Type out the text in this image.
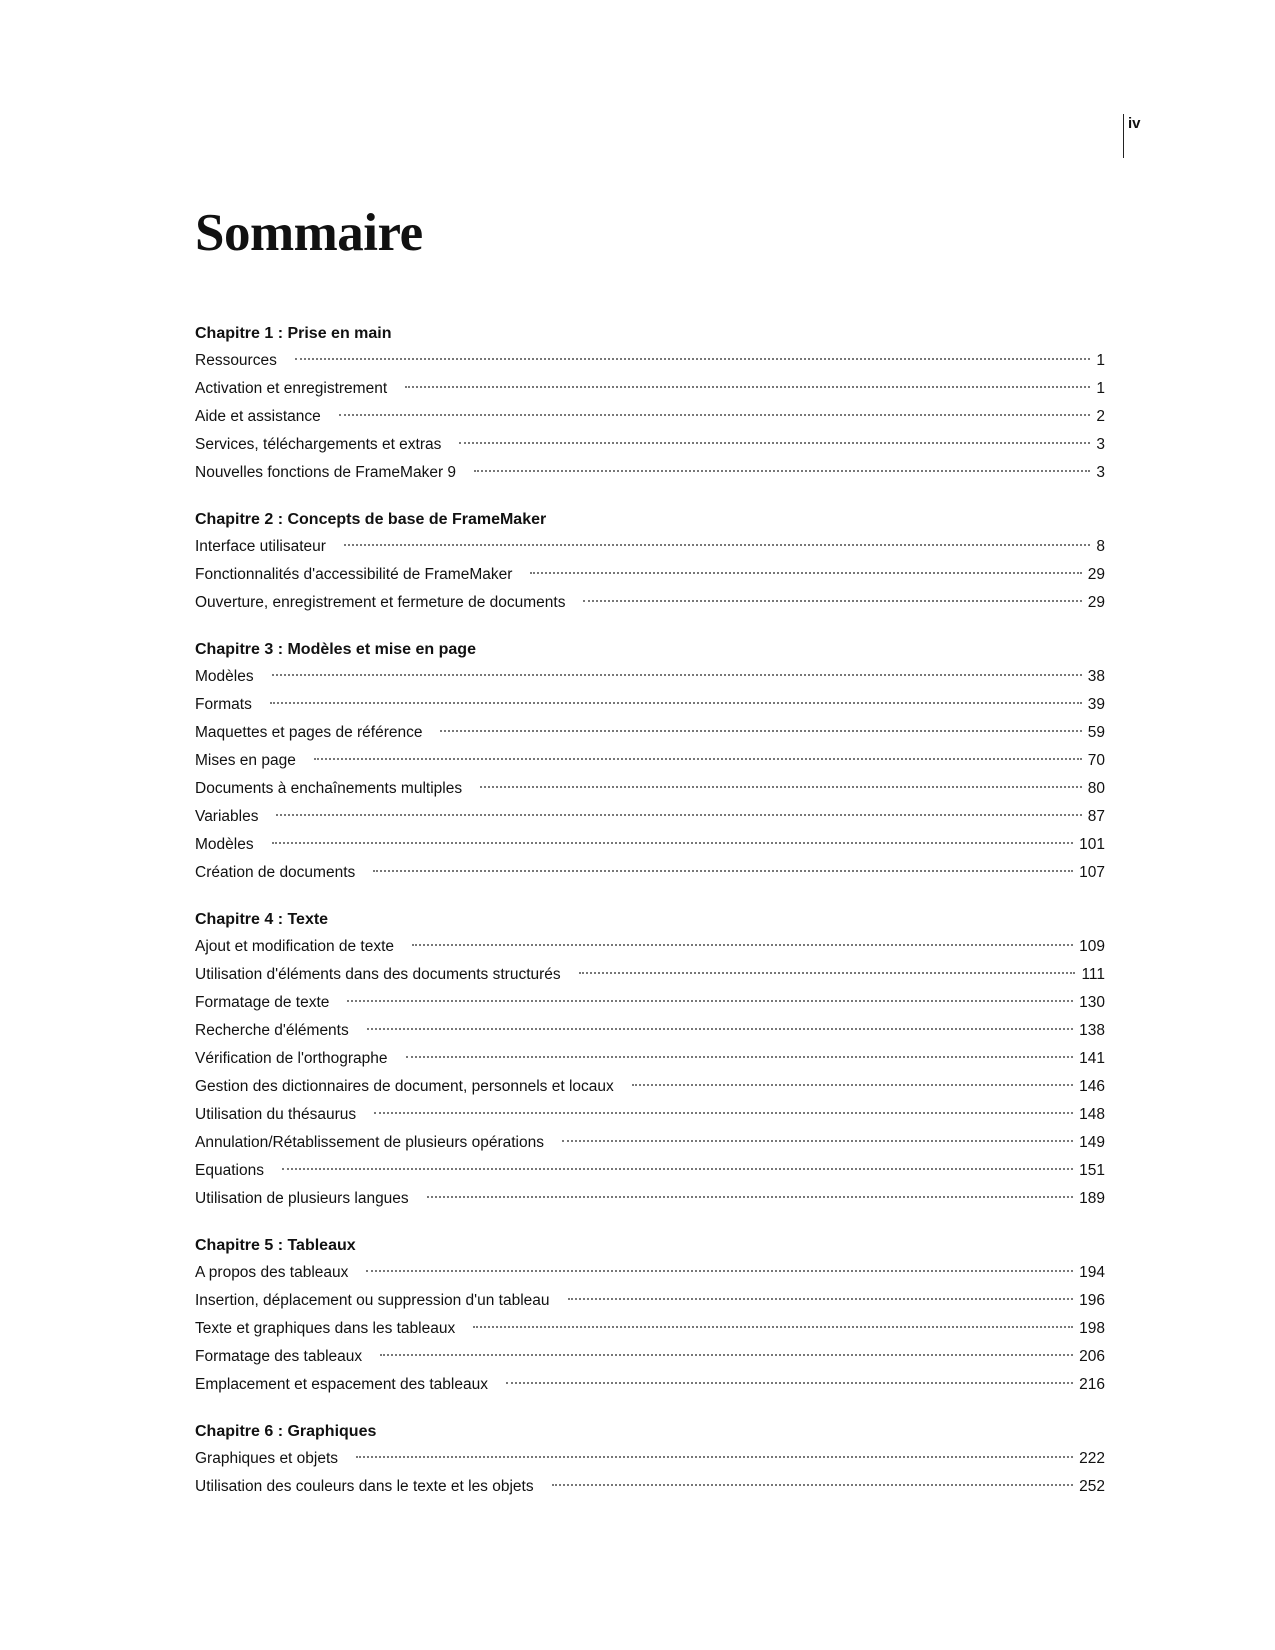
iv
Sommaire
Chapitre 1 : Prise en main
Ressources	1
Activation et enregistrement	1
Aide et assistance	2
Services, téléchargements et extras	3
Nouvelles fonctions de FrameMaker 9	3
Chapitre 2 : Concepts de base de FrameMaker
Interface utilisateur	8
Fonctionnalités d'accessibilité de FrameMaker	29
Ouverture, enregistrement et fermeture de documents	29
Chapitre 3 : Modèles et mise en page
Modèles	38
Formats	39
Maquettes et pages de référence	59
Mises en page	70
Documents à enchaînements multiples	80
Variables	87
Modèles	101
Création de documents	107
Chapitre 4 : Texte
Ajout et modification de texte	109
Utilisation d'éléments dans des documents structurés	111
Formatage de texte	130
Recherche d'éléments	138
Vérification de l'orthographe	141
Gestion des dictionnaires de document, personnels et locaux	146
Utilisation du thésaurus	148
Annulation/Rétablissement de plusieurs opérations	149
Equations	151
Utilisation de plusieurs langues	189
Chapitre 5 : Tableaux
A propos des tableaux	194
Insertion, déplacement ou suppression d'un tableau	196
Texte et graphiques dans les tableaux	198
Formatage des tableaux	206
Emplacement et espacement des tableaux	216
Chapitre 6 : Graphiques
Graphiques et objets	222
Utilisation des couleurs dans le texte et les objets	252
